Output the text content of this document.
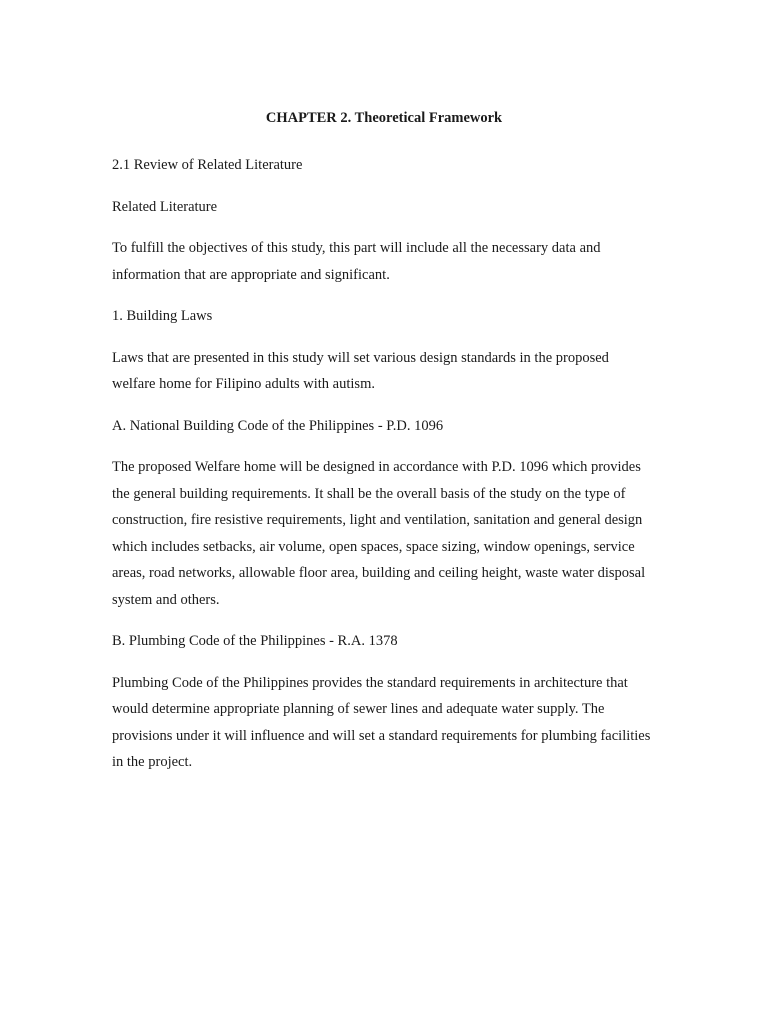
CHAPTER 2. Theoretical Framework
2.1 Review of Related Literature
Related Literature
To fulfill the objectives of this study, this part will include all the necessary data and information that are appropriate and significant.
1. Building Laws
Laws that are presented in this study will set various design standards in the proposed welfare home for Filipino adults with autism.
A. National Building Code of the Philippines - P.D. 1096
The proposed Welfare home will be designed in accordance with P.D. 1096 which provides the general building requirements. It shall be the overall basis of the study on the type of construction, fire resistive requirements, light and ventilation, sanitation and general design which includes setbacks, air volume, open spaces, space sizing, window openings, service areas, road networks, allowable floor area, building and ceiling height, waste water disposal system and others.
B. Plumbing Code of the Philippines - R.A. 1378
Plumbing Code of the Philippines provides the standard requirements in architecture that would determine appropriate planning of sewer lines and adequate water supply. The provisions under it will influence and will set a standard requirements for plumbing facilities in the project.
